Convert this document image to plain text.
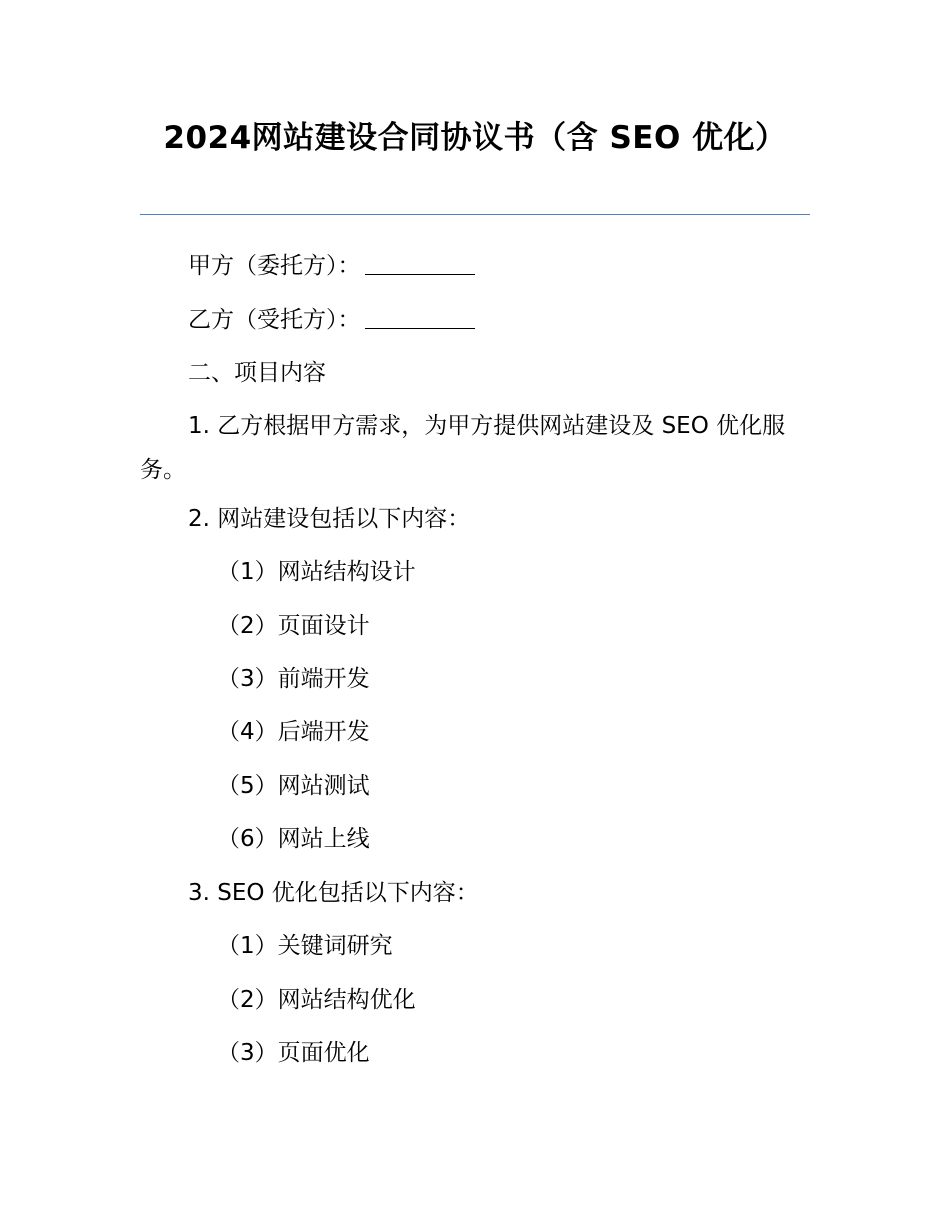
2024网站建设合同协议书（含 SEO 优化）
甲方（委托方）：
乙方（受托方）：
二、项目内容
1. 乙方根据甲方需求，为甲方提供网站建设及 SEO 优化服务。
2. 网站建设包括以下内容：
（1）网站结构设计
（2）页面设计
（3）前端开发
（4）后端开发
（5）网站测试
（6）网站上线
3. SEO 优化包括以下内容：
（1）关键词研究
（2）网站结构优化
（3）页面优化
